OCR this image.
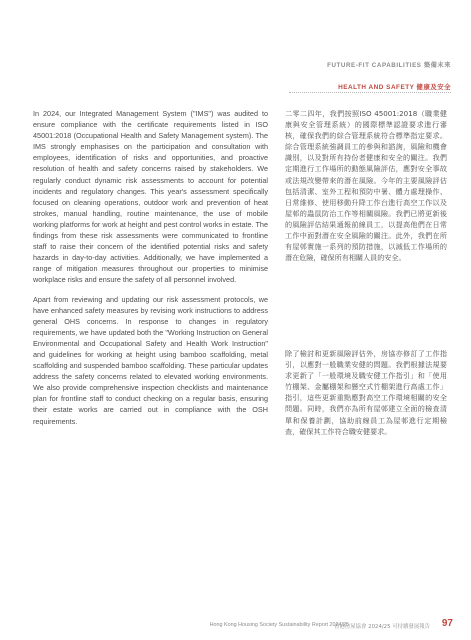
FUTURE-FIT CAPABILITIES 築備未來
HEALTH AND SAFETY 健康及安全

In 2024, our Integrated Management System ("IMS") was audited to ensure compliance with the certificate requirements listed in ISO 45001:2018 (Occupational Health and Safety Management system). The IMS strongly emphasises on the participation and consultation with employees, identification of risks and opportunities, and proactive resolution of health and safety concerns raised by stakeholders. We regularly conduct dynamic risk assessments to account for potential incidents and regulatory changes. This year's assessment specifically focused on cleaning operations, outdoor work and prevention of heat strokes, manual handling, routine maintenance, the use of mobile working platforms for work at height and pest control works in estate. The findings from these risk assessments were communicated to frontline staff to raise their concern of the identified potential risks and safety hazards in day-to-day activities. Additionally, we have implemented a range of mitigation measures throughout our properties to minimise workplace risks and ensure the safety of all personnel involved.

Apart from reviewing and updating our risk assessment protocols, we have enhanced safety measures by revising work instructions to address general OHS concerns. In response to changes in regulatory requirements, we have updated both the "Working Instruction on General Environmental and Occupational Safety and Health Work Instruction" and guidelines for working at height using bamboo scaffolding, metal scaffolding and suspended bamboo scaffolding. These particular updates address the safety concerns related to elevated working environments. We also provide comprehensive inspection checklists and maintenance plan for frontline staff to conduct checking on a regular basis, ensuring their estate works are carried out in compliance with the OSH requirements.

二零二四年，我們按照ISO 45001:2018（職業健康與安全管理系統）的國際標準認證要求進行審核，確保我們的綜合管理系統符合標準指定要求。綜合管理系統強調員工的參與和諮詢，風險和機會識別，以及對所有持份者健康和安全的關注。我們定期進行工作場所的動態風險評估，應對安全事故或法規改變帶來的潛在風險。今年的主要風險評估包括清潔、室外工程和預防中暑、體力處理操作、日常維修、使用移動升降工作台進行高空工作以及屋邨的蟲鼠防治工作等相關風險。我們已將更新後的風險評估結果通報前線員工，以提高他們在日常工作中面對潛在安全風險的關注。此外，我們在所有屋邨實施一系列的預防措施，以減低工作場所的潛在危險，確保所有相關人員的安全。

除了檢討和更新風險評估外，房協亦修訂了工作指引，以應對一般職業安健的問題。我們根據法規要求更新了「一般環境及職安健工作指引」和「使用竹棚架、金屬棚架和懸空式竹棚架進行高處工作」指引，這些更新重點應對高空工作環境相關的安全問題。同時，我們亦為所有屋邨建立全面的檢查清單和保養計劃，協助前線員工為屋邨進行定期檢查，確保其工作符合職安健要求。

Hong Kong Housing Society Sustainability Report 2024/25
香港房屋協會 2024/25 可持續發展報告 97
